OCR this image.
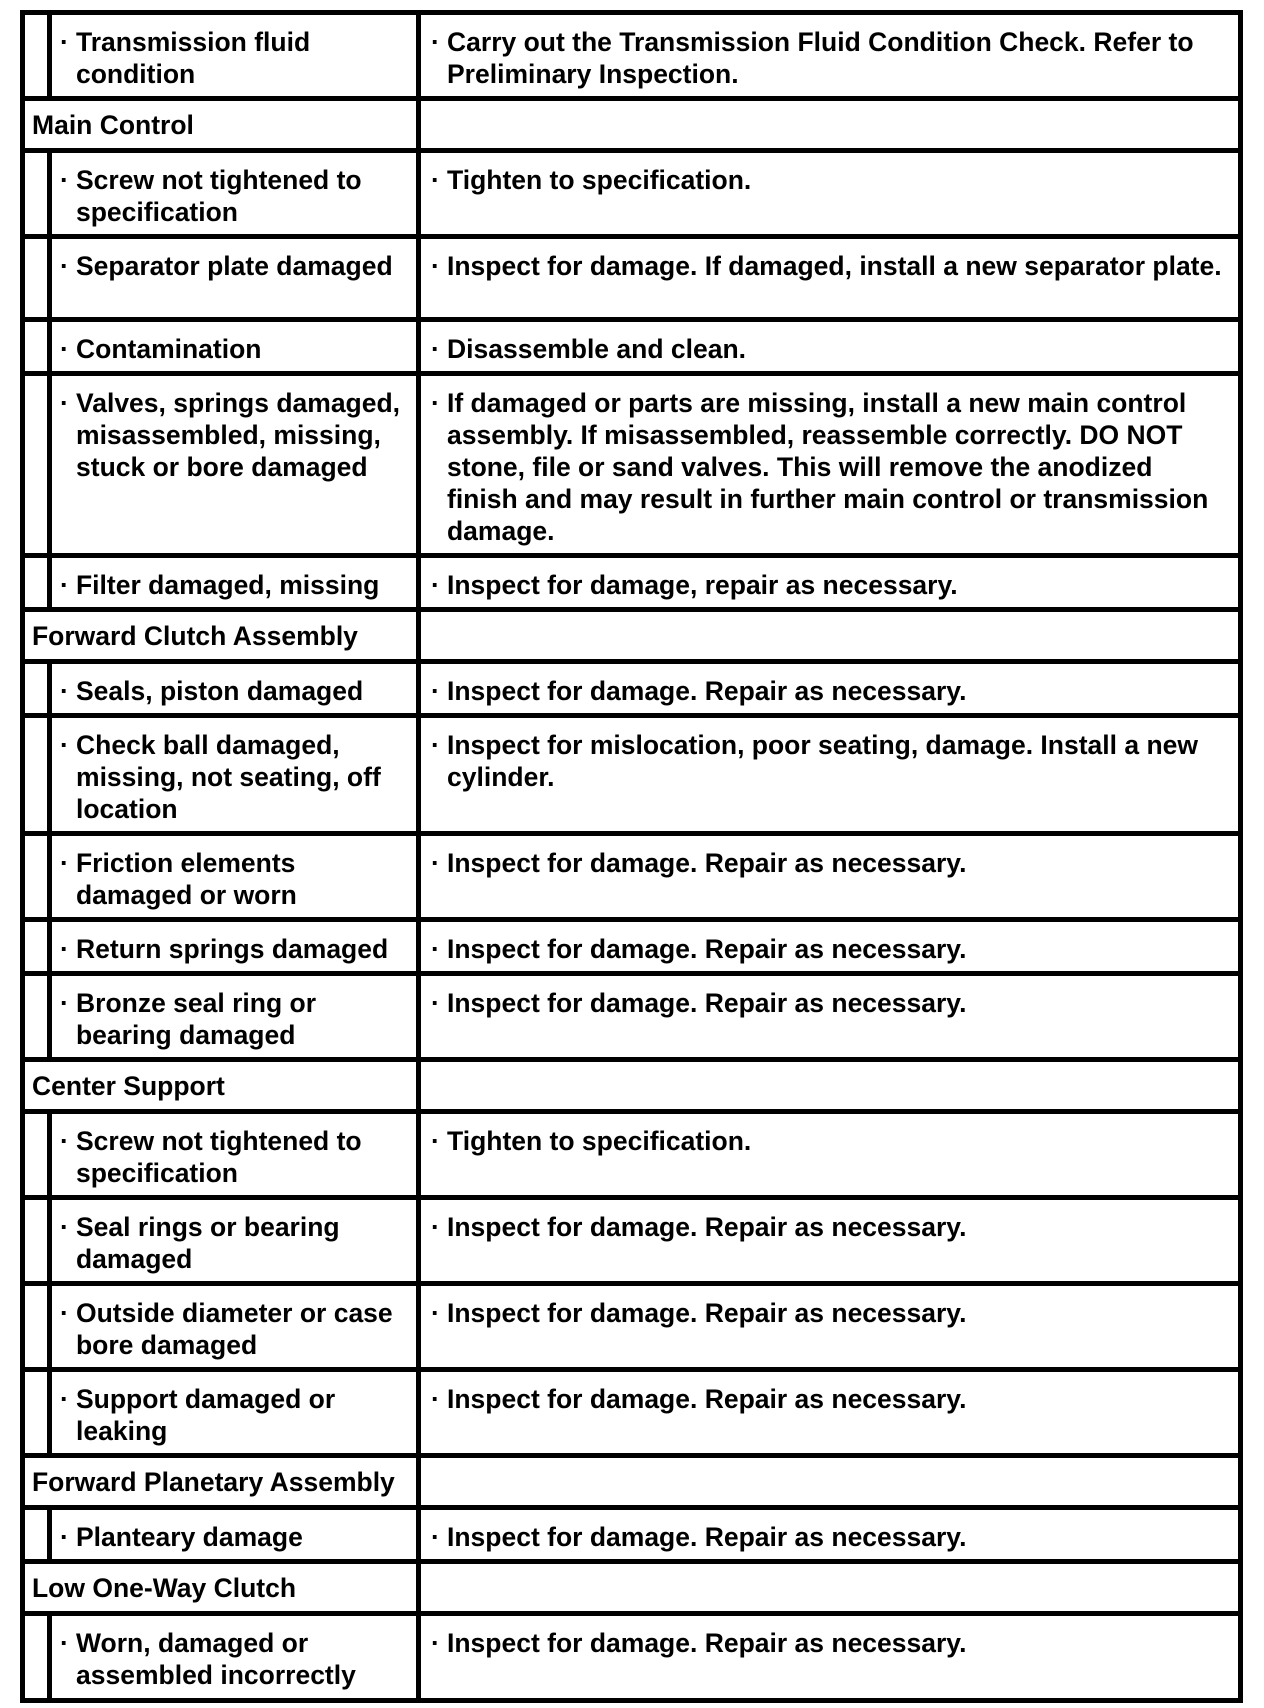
	· Transmission fluid condition	· Carry out the Transmission Fluid Condition Check. Refer to Preliminary Inspection.

Main Control		

	· Screw not tightened to specification	· Tighten to specification.

	· Separator plate damaged	· Inspect for damage. If damaged, install a new separator plate.

	· Contamination	· Disassemble and clean.

	· Valves, springs damaged, misassembled, missing, stuck or bore damaged	· If damaged or parts are missing, install a new main control assembly. If misassembled, reassemble correctly. DO NOT stone, file or sand valves. This will remove the anodized finish and may result in further main control or transmission damage.

	· Filter damaged, missing	· Inspect for damage, repair as necessary.

Forward Clutch Assembly		

	· Seals, piston damaged	· Inspect for damage. Repair as necessary.

	· Check ball damaged, missing, not seating, off location	· Inspect for mislocation, poor seating, damage. Install a new cylinder.

	· Friction elements damaged or worn	· Inspect for damage. Repair as necessary.

	· Return springs damaged	· Inspect for damage. Repair as necessary.

	· Bronze seal ring or bearing damaged	· Inspect for damage. Repair as necessary.

Center Support		

	· Screw not tightened to specification	· Tighten to specification.

	· Seal rings or bearing damaged	· Inspect for damage. Repair as necessary.

	· Outside diameter or case bore damaged	· Inspect for damage. Repair as necessary.

	· Support damaged or leaking	· Inspect for damage. Repair as necessary.

Forward Planetary Assembly		

	· Planteary damage	· Inspect for damage. Repair as necessary.

Low One-Way Clutch		

	· Worn, damaged or assembled incorrectly	· Inspect for damage. Repair as necessary.
